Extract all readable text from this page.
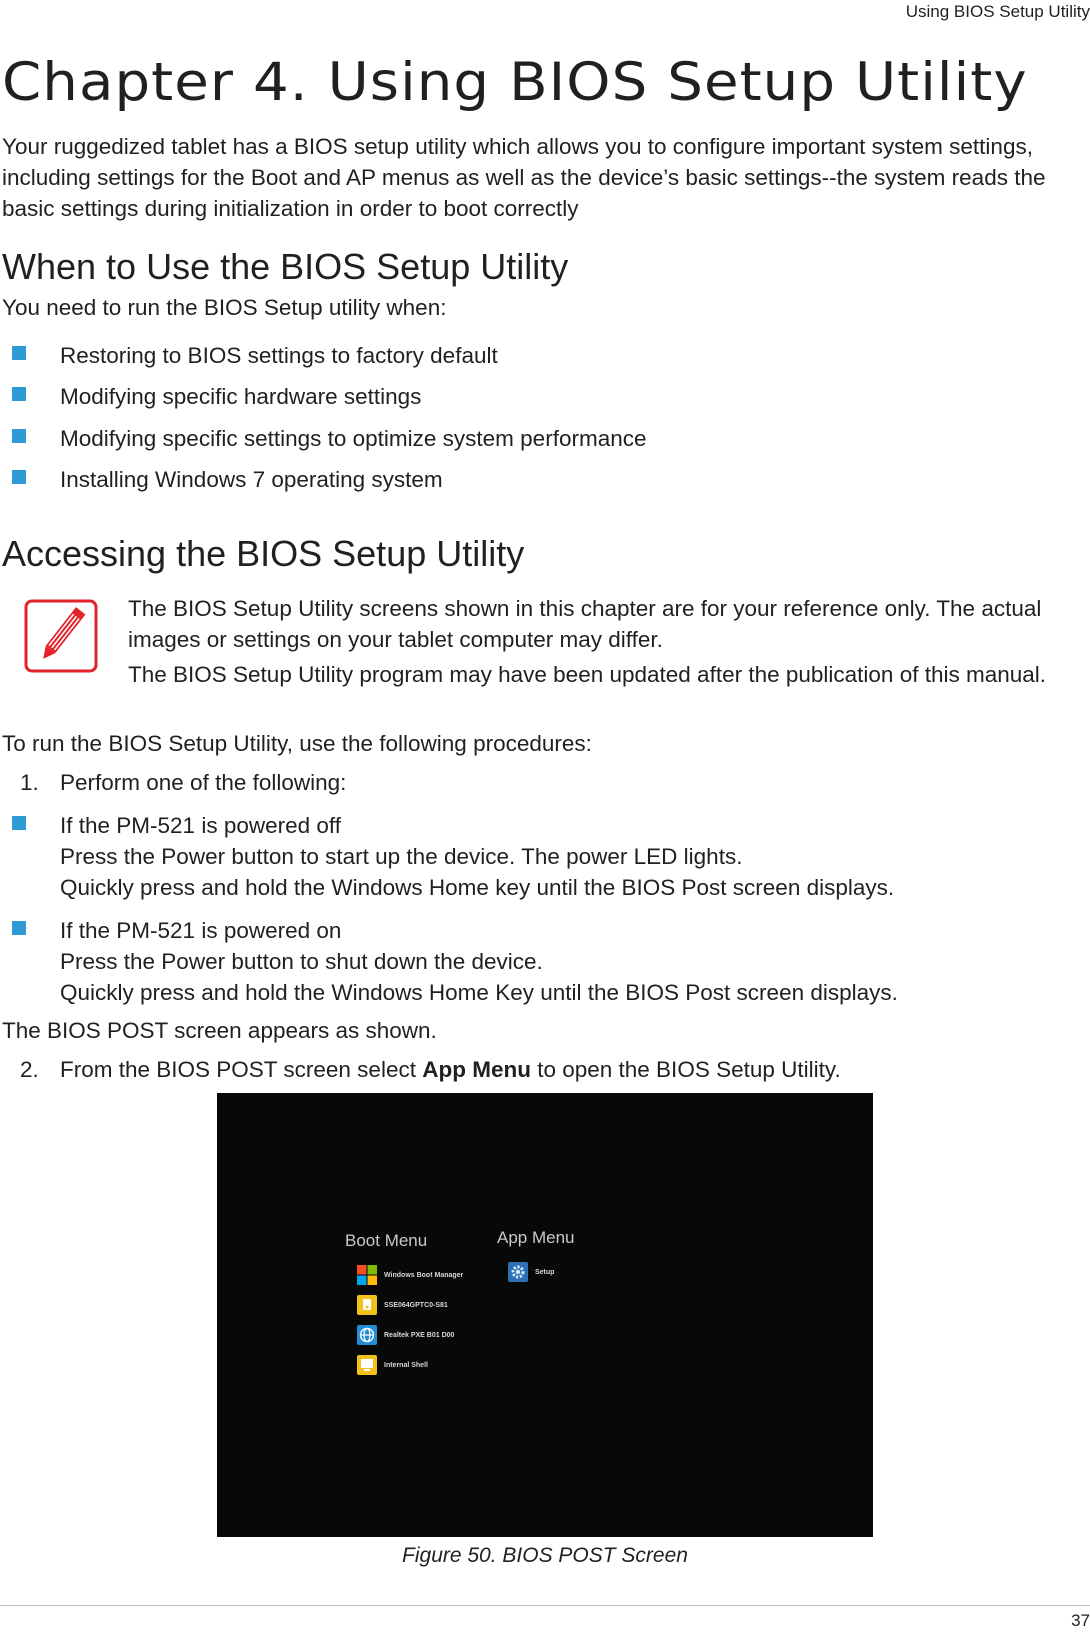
Using BIOS Setup Utility
Chapter 4. Using BIOS Setup Utility
Your ruggedized tablet has a BIOS setup utility which allows you to configure important system settings, including settings for the Boot and AP menus as well as the device’s basic settings--the system reads the basic settings during initialization in order to boot correctly
When to Use the BIOS Setup Utility
You need to run the BIOS Setup utility when:
Restoring to BIOS settings to factory default
Modifying specific hardware settings
Modifying specific settings to optimize system performance
Installing Windows 7 operating system
Accessing the BIOS Setup Utility
The BIOS Setup Utility screens shown in this chapter are for your reference only. The actual images or settings on your tablet computer may differ.
The BIOS Setup Utility program may have been updated after the publication of this manual.
To run the BIOS Setup Utility, use the following procedures:
1. Perform one of the following:
If the PM-521 is powered off
Press the Power button to start up the device. The power LED lights.
Quickly press and hold the Windows Home key until the BIOS Post screen displays.
If the PM-521 is powered on
Press the Power button to shut down the device.
Quickly press and hold the Windows Home Key until the BIOS Post screen displays.
The BIOS POST screen appears as shown.
2. From the BIOS POST screen select App Menu to open the BIOS Setup Utility.
Boot Menu	App Menu
Windows Boot Manager
SSE064GPTC0-S81
Realtek PXE B01 D00
Internal Shell
Setup
Figure 50. BIOS POST Screen
37
